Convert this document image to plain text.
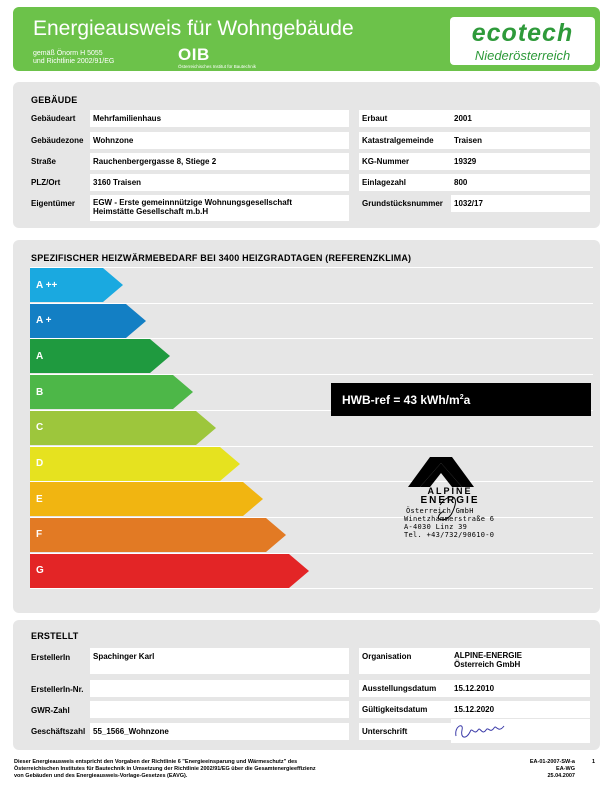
Energieausweis für Wohngebäude
gemäß Önorm H 5055
und Richtlinie 2002/91/EG	OIB
Österreichisches Institut für Bautechnik
ecotech
Niederösterreich
GEBÄUDE
Gebäudeart	Mehrfamilienhaus
Gebäudezone	Wohnzone
Straße	Rauchenbergergasse 8, Stiege 2
PLZ/Ort	3160 Traisen
Eigentümer EGW - Erste gemeinnnützige Wohnungsgesellschaft
Heimstätte Gesellschaft m.b.H
Erbaut	2001
Katastralgemeinde	Traisen
KG-Nummer	19329
Einlagezahl	800
Grundstücksnummer	1032/17
SPEZIFISCHER HEIZWÄRMEBEDARF BEI 3400 HEIZGRADTAGEN (REFERENZKLIMA)
A ++
A +
A
B
C
D
E
F
G
HWB-ref = 43 kWh/$m^2a$
ALPINE
ENERGIE
Österreich GmbH
Winetzhammerstraße 6
A-4030 Linz 39
Tel. +43/732/90610-0
ERSTELLT
ErstellerIn	Spachinger Karl
ErstellerIn-Nr.
GWR-Zahl
Geschäftszahl 55_1566_Wohnzone
Organisation	ALPINE-ENERGIE
Österreich GmbH
Ausstellungsdatum	15.12.2010
Gültigkeitsdatum	15.12.2020
Unterschrift
Dieser Energieausweis entspricht den Vorgaben der Richtlinie 6 "Energieeinsparung und Wärmeschutz" des
Österreichischen Institutes für Bautechnik in Umsetzung der Richtlinie 2002/91/EG über die Gesamtenergieeffizienz
von Gebäuden und des Energieausweis-Vorlage-Gesetzes (EAVG).
EA-01-2007-SW-a
EA-WG
25.04.2007
1
